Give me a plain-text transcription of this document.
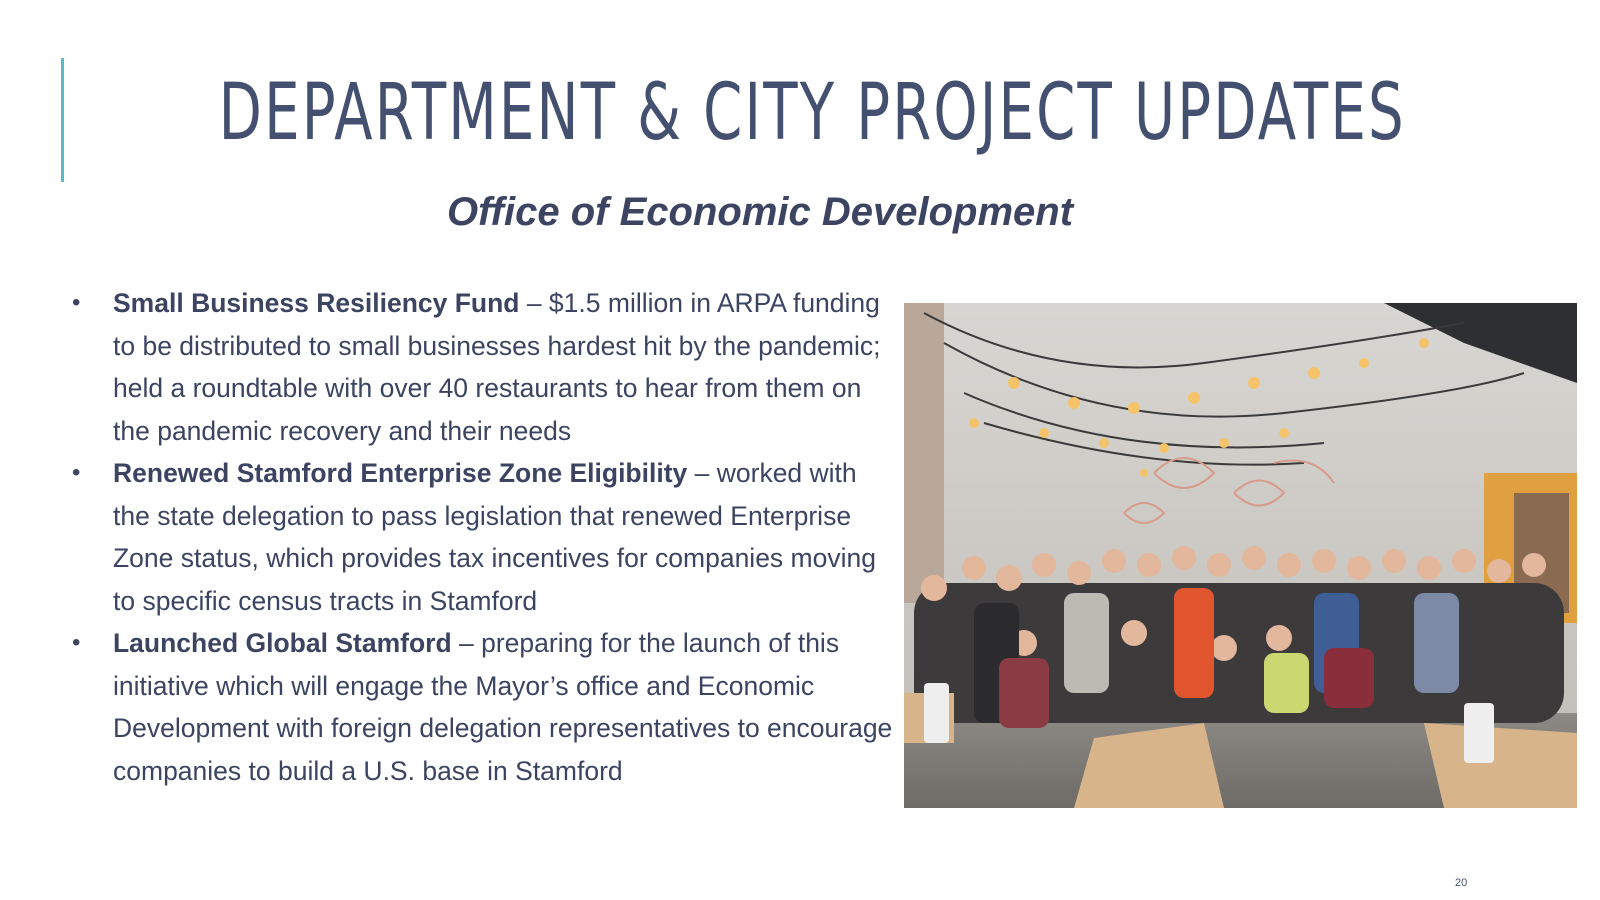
DEPARTMENT & CITY PROJECT UPDATES
Office of Economic Development
• Small Business Resiliency Fund – $1.5 million in ARPA funding to be distributed to small businesses hardest hit by the pandemic; held a roundtable with over 40 restaurants to hear from them on the pandemic recovery and their needs
• Renewed Stamford Enterprise Zone Eligibility – worked with the state delegation to pass legislation that renewed Enterprise Zone status, which provides tax incentives for companies moving to specific census tracts in Stamford
• Launched Global Stamford – preparing for the launch of this initiative which will engage the Mayor’s office and Economic Development with foreign delegation representatives to encourage companies to build a U.S. base in Stamford
20
